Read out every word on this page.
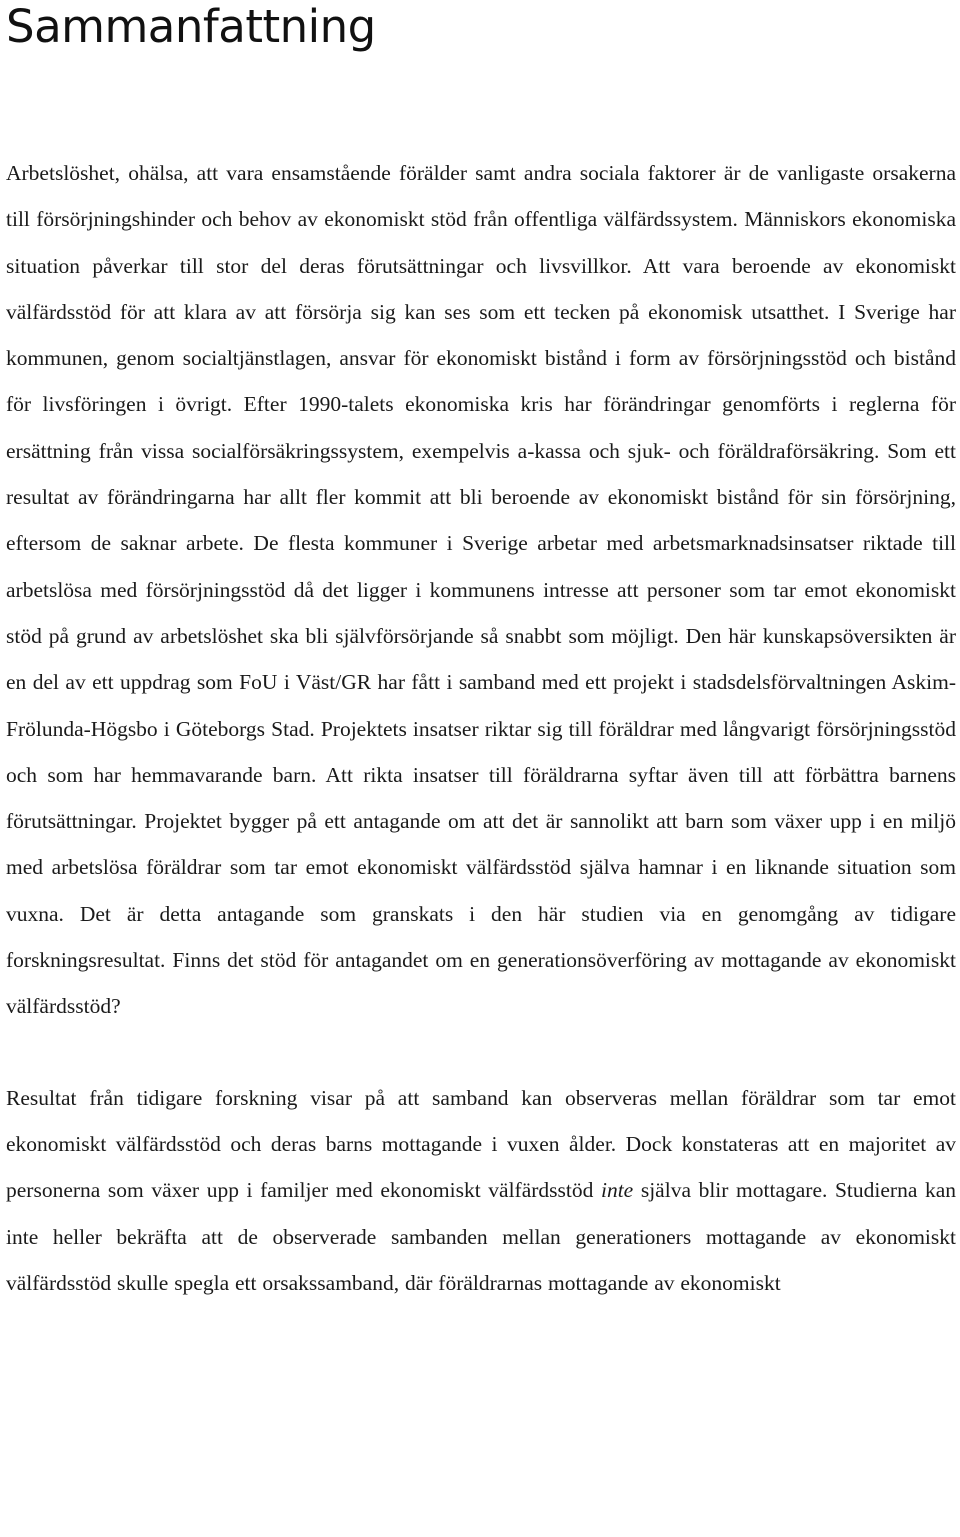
Sammanfattning

Arbetslöshet, ohälsa, att vara ensamstående förälder samt andra sociala faktorer är de vanligaste orsakerna till försörjningshinder och behov av ekonomiskt stöd från offentliga välfärdssystem. Människors ekonomiska situation påverkar till stor del deras förutsättningar och livsvillkor. Att vara beroende av ekonomiskt välfärdsstöd för att klara av att försörja sig kan ses som ett tecken på ekonomisk utsatthet. I Sverige har kommunen, genom socialtjänstlagen, ansvar för ekonomiskt bistånd i form av försörjningsstöd och bistånd för livsföringen i övrigt. Efter 1990-talets ekonomiska kris har förändringar genomförts i reglerna för ersättning från vissa socialförsäkringssystem, exempelvis a-kassa och sjuk- och föräldraförsäkring. Som ett resultat av förändringarna har allt fler kommit att bli beroende av ekonomiskt bistånd för sin försörjning, eftersom de saknar arbete. De flesta kommuner i Sverige arbetar med arbetsmarknadsinsatser riktade till arbetslösa med försörjningsstöd då det ligger i kommunens intresse att personer som tar emot ekonomiskt stöd på grund av arbetslöshet ska bli självförsörjande så snabbt som möjligt. Den här kunskapsöversikten är en del av ett uppdrag som FoU i Väst/GR har fått i samband med ett projekt i stadsdelsförvaltningen Askim-Frölunda-Högsbo i Göteborgs Stad. Projektets insatser riktar sig till föräldrar med långvarigt försörjningsstöd och som har hemmavarande barn. Att rikta insatser till föräldrarna syftar även till att förbättra barnens förutsättningar. Projektet bygger på ett antagande om att det är sannolikt att barn som växer upp i en miljö med arbetslösa föräldrar som tar emot ekonomiskt välfärdsstöd själva hamnar i en liknande situation som vuxna. Det är detta antagande som granskats i den här studien via en genomgång av tidigare forskningsresultat. Finns det stöd för antagandet om en generationsöverföring av mottagande av ekonomiskt välfärdsstöd?

Resultat från tidigare forskning visar på att samband kan observeras mellan föräldrar som tar emot ekonomiskt välfärdsstöd och deras barns mottagande i vuxen ålder. Dock konstateras att en majoritet av personerna som växer upp i familjer med ekonomiskt välfärdsstöd inte själva blir mottagare. Studierna kan inte heller bekräfta att de observerade sambanden mellan generationers mottagande av ekonomiskt välfärdsstöd skulle spegla ett orsakssamband, där föräldrarnas mottagande av ekonomiskt
